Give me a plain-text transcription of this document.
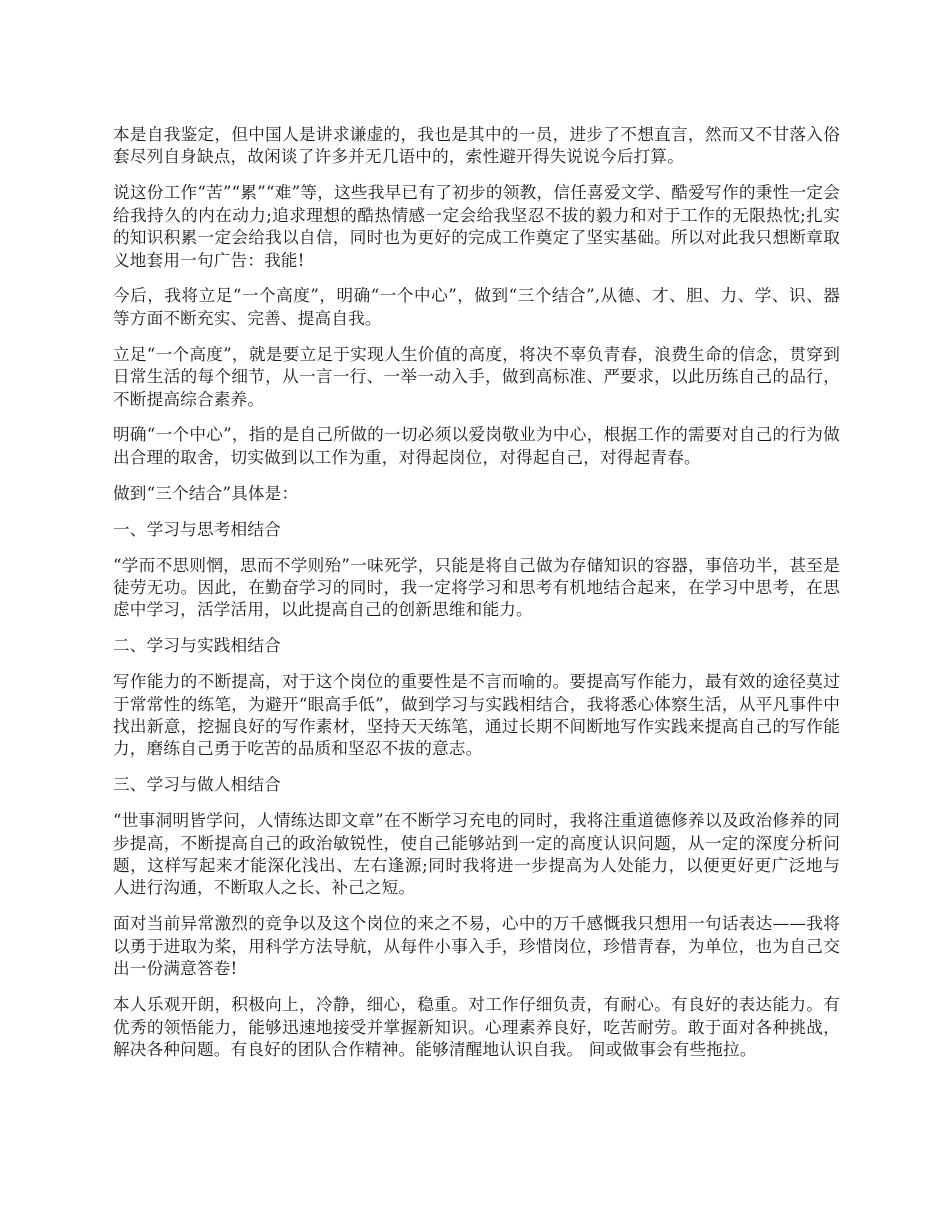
本是自我鉴定，但中国人是讲求谦虚的，我也是其中的一员，进步了不想直言，然而又不甘落入俗套尽列自身缺点，故闲谈了许多并无几语中的，索性避开得失说说今后打算。

说这份工作“苦”“累”“难”等，这些我早已有了初步的领教，信任喜爱文学、酷爱写作的秉性一定会给我持久的内在动力;追求理想的酷热情感一定会给我坚忍不拔的毅力和对于工作的无限热忱;扎实的知识积累一定会给我以自信，同时也为更好的完成工作奠定了坚实基础。所以对此我只想断章取义地套用一句广告：我能!

今后，我将立足“一个高度”，明确“一个中心”，做到“三个结合”,从德、才、胆、力、学、识、器等方面不断充实、完善、提高自我。

立足“一个高度”，就是要立足于实现人生价值的高度，将决不辜负青春，浪费生命的信念，贯穿到日常生活的每个细节，从一言一行、一举一动入手，做到高标准、严要求，以此历练自己的品行，不断提高综合素养。

明确“一个中心”，指的是自己所做的一切必须以爱岗敬业为中心，根据工作的需要对自己的行为做出合理的取舍，切实做到以工作为重，对得起岗位，对得起自己，对得起青春。

做到“三个结合”具体是：

一、学习与思考相结合

“学而不思则惘，思而不学则殆”一味死学，只能是将自己做为存储知识的容器，事倍功半，甚至是徒劳无功。因此，在勤奋学习的同时，我一定将学习和思考有机地结合起来，在学习中思考，在思虑中学习，活学活用，以此提高自己的创新思维和能力。

二、学习与实践相结合

写作能力的不断提高，对于这个岗位的重要性是不言而喻的。要提高写作能力，最有效的途径莫过于常常性的练笔，为避开“眼高手低”，做到学习与实践相结合，我将悉心体察生活，从平凡事件中找出新意，挖掘良好的写作素材，坚持天天练笔，通过长期不间断地写作实践来提高自己的写作能力，磨练自己勇于吃苦的品质和坚忍不拔的意志。

三、学习与做人相结合

“世事洞明皆学问，人情练达即文章”在不断学习充电的同时，我将注重道德修养以及政治修养的同步提高，不断提高自己的政治敏锐性，使自己能够站到一定的高度认识问题，从一定的深度分析问题，这样写起来才能深化浅出、左右逢源;同时我将进一步提高为人处能力，以便更好更广泛地与人进行沟通，不断取人之长、补己之短。

面对当前异常激烈的竞争以及这个岗位的来之不易，心中的万千感慨我只想用一句话表达——我将以勇于进取为桨，用科学方法导航，从每件小事入手，珍惜岗位，珍惜青春，为单位，也为自己交出一份满意答卷!

本人乐观开朗，积极向上，冷静，细心，稳重。对工作仔细负责，有耐心。有良好的表达能力。有优秀的领悟能力，能够迅速地接受并掌握新知识。心理素养良好，吃苦耐劳。敢于面对各种挑战，解决各种问题。有良好的团队合作精神。能够清醒地认识自我。 间或做事会有些拖拉。
